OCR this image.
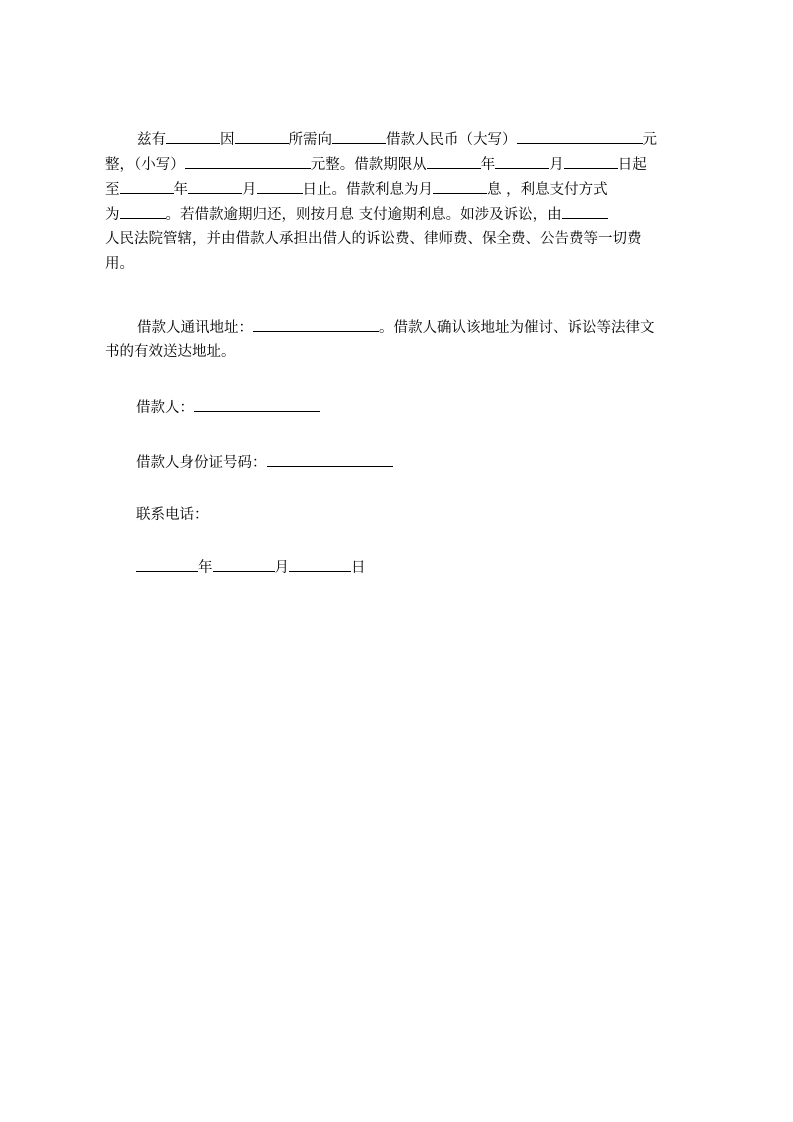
兹有	因	所需向	借款人民币（大写）	元
整，（小写）	元整。借款期限从	年	月	日起
至	年	月	日止。借款利息为月	息 ，利息支付方式
为	。若借款逾期归还，则按月息 支付逾期利息。如涉及诉讼，由
人民法院管辖，并由借款人承担出借人的诉讼费、律师费、保全费、公告费等一切费
用。
借款人通讯地址：	。借款人确认该地址为催讨、诉讼等法律文
书的有效送达地址。
借款人：
借款人身份证号码：
联系电话：
年	月	日
